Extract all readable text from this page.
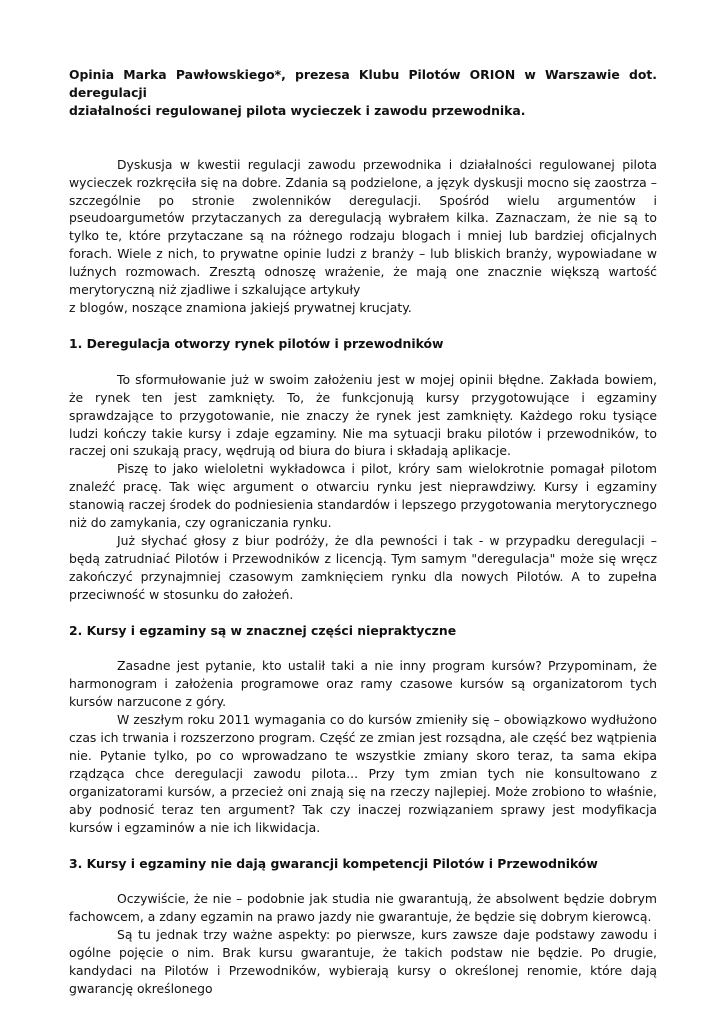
Opinia Marka Pawłowskiego*, prezesa Klubu Pilotów ORION w Warszawie dot. deregulacji

działalności regulowanej pilota wycieczek i zawodu przewodnika.

Dyskusja w kwestii regulacji zawodu przewodnika i działalności regulowanej pilota wycieczek rozkręciła się na dobre. Zdania są podzielone, a język dyskusji mocno się zaostrza – szczególnie po stronie zwolenników deregulacji. Spośród wielu argumentów i pseudoargumetów przytaczanych za deregulacją wybrałem kilka. Zaznaczam, że nie są to tylko te, które przytaczane są na różnego rodzaju blogach i mniej lub bardziej oficjalnych forach. Wiele z nich, to prywatne opinie ludzi z branży – lub bliskich branży, wypowiadane w luźnych rozmowach. Zresztą odnoszę wrażenie, że mają one znacznie większą wartość merytoryczną niż zjadliwe i szkalujące artykuły

z blogów, noszące znamiona jakiejś prywatnej krucjaty.

1. Deregulacja otworzy rynek pilotów i przewodników

To sformułowanie już w swoim założeniu jest w mojej opinii błędne. Zakłada bowiem, że rynek ten jest zamknięty. To, że funkcjonują kursy przygotowujące i egzaminy sprawdzające to przygotowanie, nie znaczy że rynek jest zamknięty. Każdego roku tysiące ludzi kończy takie kursy i zdaje egzaminy. Nie ma sytuacji braku pilotów i przewodników, to raczej oni szukają pracy, wędrują od biura do biura i składają aplikacje.

Piszę to jako wieloletni wykładowca i pilot, króry sam wielokrotnie pomagał pilotom znaleźć pracę. Tak więc argument o otwarciu rynku jest nieprawdziwy. Kursy i egzaminy stanowią raczej środek do podniesienia standardów i lepszego przygotowania merytorycznego niż do zamykania, czy ograniczania rynku.

Już słychać głosy z biur podróży, że dla pewności i tak - w przypadku deregulacji – będą zatrudniać Pilotów i Przewodników z licencją. Tym samym "deregulacja" może się wręcz zakończyć przynajmniej czasowym zamknięciem rynku dla nowych Pilotów. A to zupełna przeciwność w stosunku do założeń.

2. Kursy i egzaminy są w znacznej części niepraktyczne

Zasadne jest pytanie, kto ustalił taki a nie inny program kursów? Przypominam, że harmonogram i założenia programowe oraz ramy czasowe kursów są organizatorom tych kursów narzucone z góry.

W zeszłym roku 2011 wymagania co do kursów zmieniły się – obowiązkowo wydłużono czas ich trwania i rozszerzono program. Część ze zmian jest rozsądna, ale część bez wątpienia nie. Pytanie tylko, po co wprowadzano te wszystkie zmiany skoro teraz, ta sama ekipa rządząca chce deregulacji zawodu pilota... Przy tym zmian tych nie konsultowano z organizatorami kursów, a przecież oni znają się na rzeczy najlepiej. Może zrobiono to właśnie, aby podnosić teraz ten argument? Tak czy inaczej rozwiązaniem sprawy jest modyfikacja kursów i egzaminów a nie ich likwidacja.

3. Kursy i egzaminy nie dają gwarancji kompetencji Pilotów i Przewodników

Oczywiście, że nie – podobnie jak studia nie gwarantują, że absolwent będzie dobrym fachowcem, a zdany egzamin na prawo jazdy nie gwarantuje, że będzie się dobrym kierowcą.

Są tu jednak trzy ważne aspekty: po pierwsze, kurs zawsze daje podstawy zawodu i ogólne pojęcie o nim. Brak kursu gwarantuje, że takich podstaw nie będzie. Po drugie, kandydaci na Pilotów i Przewodników, wybierają kursy o określonej renomie, które dają gwarancję określonego
